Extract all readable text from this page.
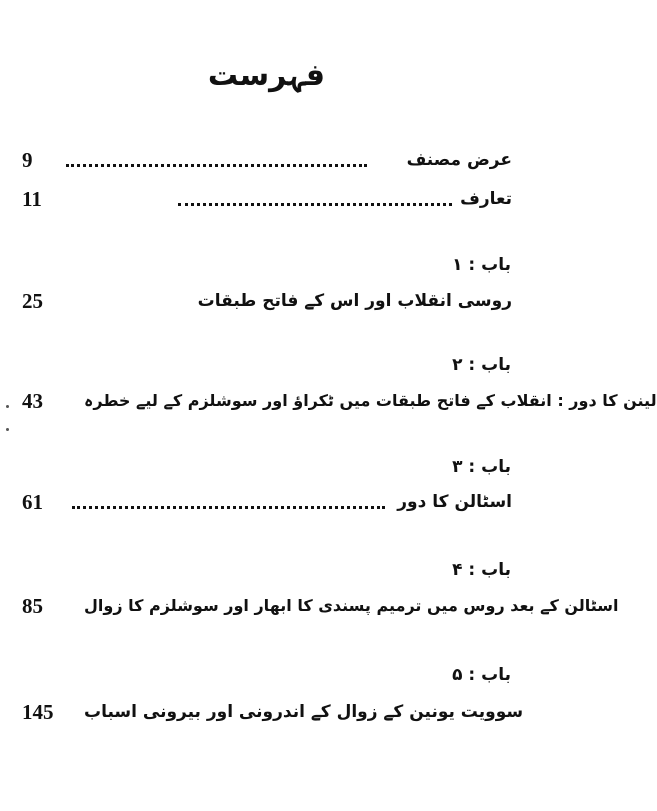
فہرست
9	عرض مصنف
11	تعارف
باب : ۱
25	روسی انقلاب اور اس کے فاتح طبقات
باب : ۲
43	لینن کا دور : انقلاب کے فاتح طبقات میں ٹکراؤ اور سوشلزم کے لیے خطرہ
باب : ۳
61	اسٹالن کا دور
باب : ۴
85	اسٹالن کے بعد روس میں ترمیم پسندی کا ابھار اور سوشلزم کا زوال
باب : ۵
145 سوویت یونین کے زوال کے اندرونی اور بیرونی اسباب
